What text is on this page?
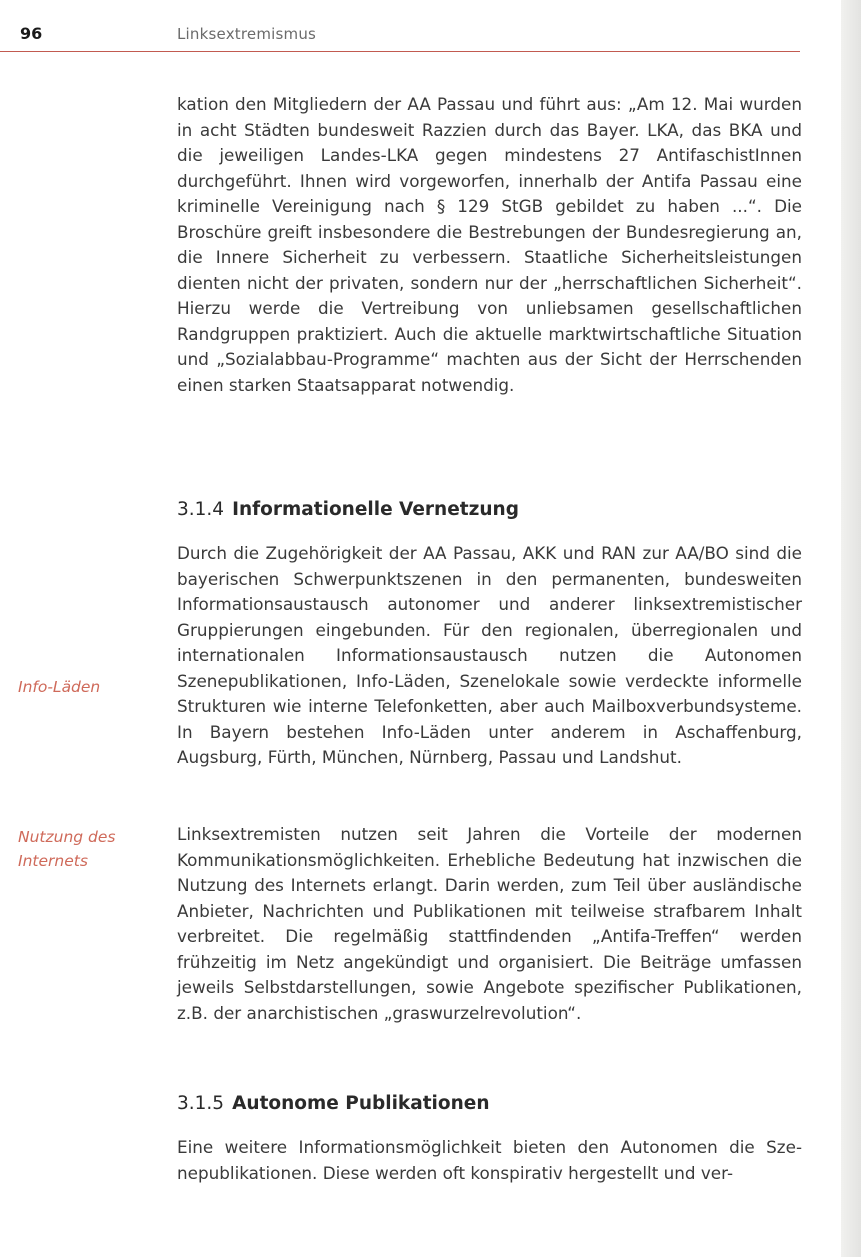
96	Linksextremismus

kation den Mitgliedern der AA Passau und führt aus: „Am 12. Mai wurden in acht Städten bundesweit Razzien durch das Bayer. LKA, das BKA und die jeweiligen Landes-LKA gegen mindestens 27 AntifaschistInnen durchgeführt. Ihnen wird vorgeworfen, innerhalb der Antifa Passau eine kriminelle Vereinigung nach § 129 StGB gebildet zu haben ...“. Die Broschüre greift insbesondere die Bestrebungen der Bundesregierung an, die Innere Sicherheit zu verbessern. Staatliche Sicherheitsleistungen dienten nicht der privaten, sondern nur der „herrschaftlichen Sicherheit“. Hierzu werde die Vertreibung von unliebsamen gesellschaftlichen Randgruppen praktiziert. Auch die aktuelle marktwirtschaftliche Situation und „Sozialabbau-Programme“ machten aus der Sicht der Herrschenden einen starken Staatsapparat notwendig.

3.1.4 Informationelle Vernetzung

Durch die Zugehörigkeit der AA Passau, AKK und RAN zur AA/BO sind die bayerischen Schwerpunktszenen in den permanenten, bundesweiten Informationsaustausch autonomer und anderer linksextremistischer Gruppierungen eingebunden. Für den regionalen, überregionalen und internationalen Informationsaustausch nutzen die Autonomen Szenepublikationen, Info-Läden, Szenelokale sowie verdeckte informelle Strukturen wie interne Telefonketten, aber auch Mailboxverbundsysteme. In Bayern bestehen Info-Läden unter anderem in Aschaffenburg, Augsburg, Fürth, München, Nürnberg, Passau und Landshut.

Info-Läden

Linksextremisten nutzen seit Jahren die Vorteile der modernen Kommunikationsmöglichkeiten. Erhebliche Bedeutung hat inzwischen die Nutzung des Internets erlangt. Darin werden, zum Teil über ausländische Anbieter, Nachrichten und Publikationen mit teilweise strafbarem Inhalt verbreitet. Die regelmäßig stattfindenden „Antifa-Treffen“ werden frühzeitig im Netz angekündigt und organisiert. Die Beiträge umfassen jeweils Selbstdarstellungen, sowie Angebote spezifischer Publikationen, z.B. der anarchistischen „graswurzelrevolution“.

Nutzung des Internets
3.1.5 Autonome Publikationen

Eine weitere Informationsmöglichkeit bieten den Autonomen die Szenepublikationen. Diese werden oft konspirativ hergestellt und ver-
